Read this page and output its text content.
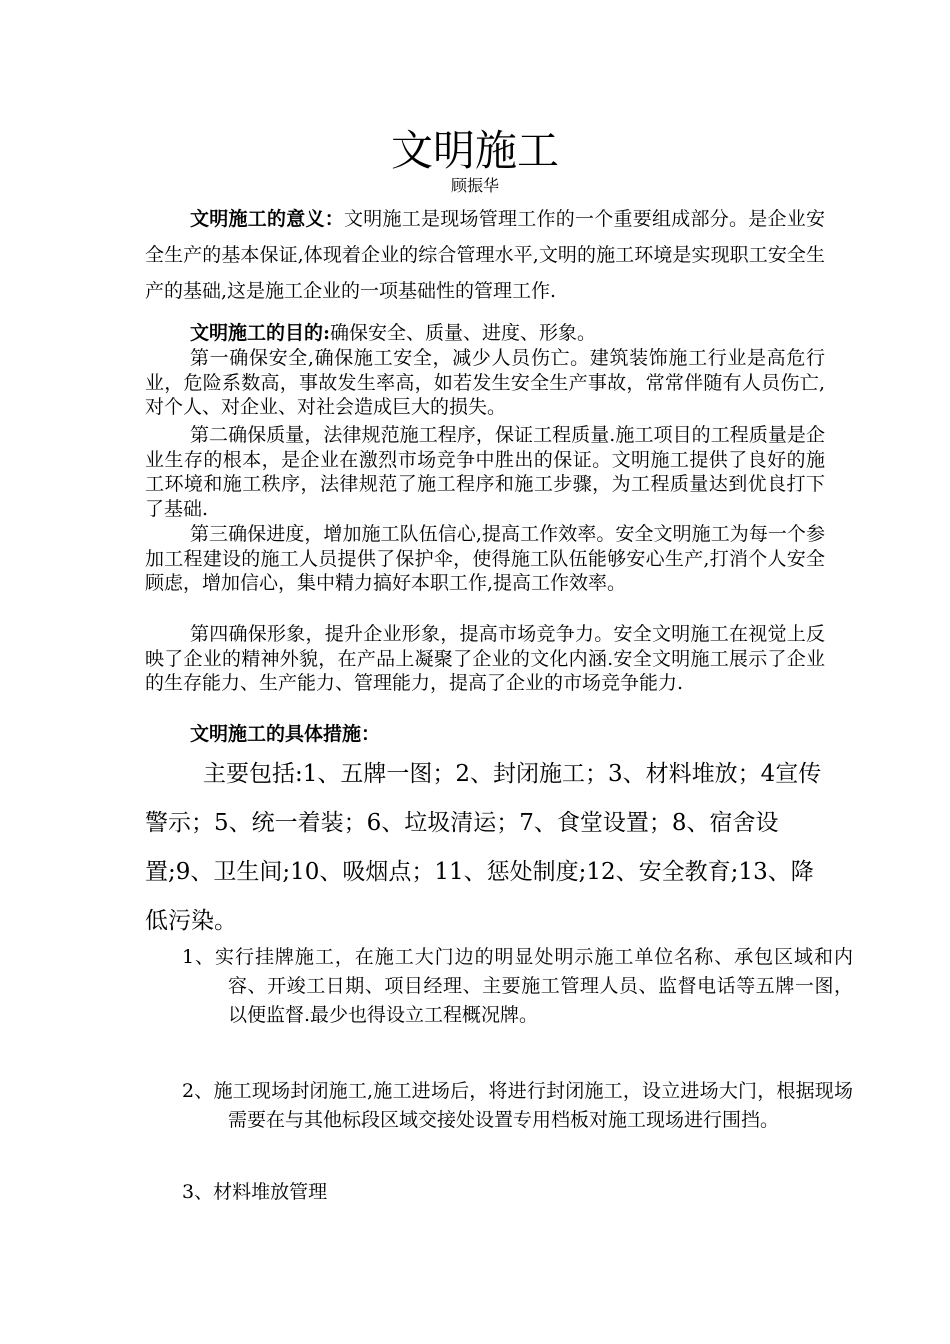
文明施工
顾振华

文明施工的意义：文明施工是现场管理工作的一个重要组成部分。是企业安全生产的基本保证,体现着企业的综合管理水平,文明的施工环境是实现职工安全生产的基础,这是施工企业的一项基础性的管理工作.

文明施工的目的:确保安全、质量、进度、形象。

第一确保安全,确保施工安全，减少人员伤亡。建筑装饰施工行业是高危行业，危险系数高，事故发生率高，如若发生安全生产事故，常常伴随有人员伤亡,对个人、对企业、对社会造成巨大的损失。

第二确保质量，法律规范施工程序，保证工程质量.施工项目的工程质量是企业生存的根本，是企业在激烈市场竞争中胜出的保证。文明施工提供了良好的施工环境和施工秩序，法律规范了施工程序和施工步骤，为工程质量达到优良打下了基础.

第三确保进度，增加施工队伍信心,提高工作效率。安全文明施工为每一个参加工程建设的施工人员提供了保护伞，使得施工队伍能够安心生产,打消个人安全顾虑，增加信心，集中精力搞好本职工作,提高工作效率。

第四确保形象，提升企业形象，提高市场竞争力。安全文明施工在视觉上反映了企业的精神外貌，在产品上凝聚了企业的文化内涵.安全文明施工展示了企业的生存能力、生产能力、管理能力，提高了企业的市场竞争能力.

文明施工的具体措施：

主要包括:1、五牌一图；2、封闭施工；3、材料堆放；4宣传警示；5、统一着装；6、垃圾清运；7、食堂设置；8、宿舍设置;9、卫生间;10、吸烟点；11、惩处制度;12、安全教育;13、降低污染。

1、实行挂牌施工，在施工大门边的明显处明示施工单位名称、承包区域和内容、开竣工日期、项目经理、主要施工管理人员、监督电话等五牌一图，以便监督.最少也得设立工程概况牌。

2、施工现场封闭施工,施工进场后，将进行封闭施工，设立进场大门，根据现场需要在与其他标段区域交接处设置专用档板对施工现场进行围挡。

3、材料堆放管理
